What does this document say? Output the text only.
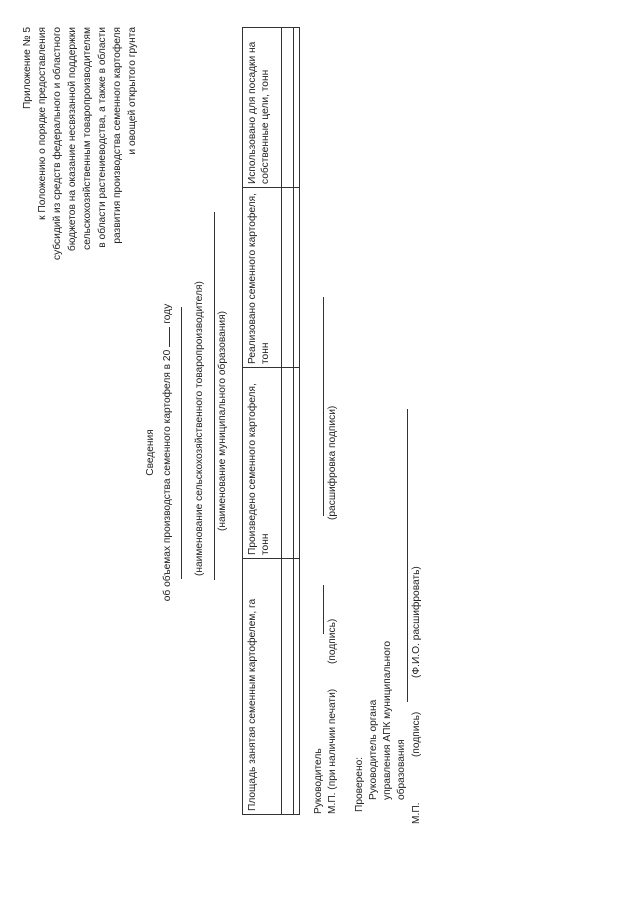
Приложение № 5 к Положению о порядке предоставления субсидий из средств федерального и областного бюджетов на оказание несвязанной поддержки сельскохозяйственным товаропроизводителям в области растениеводства, а также в области развития производства семенного картофеля и овощей открытого грунта
Сведения об объемах производства семенного картофеля в 20году (наименование сельскохозяйственного товаропроизводителя) (наименование муниципального образования)
Площадь занятая семенным картофелем, га	Произведено семенного картофеля, тонн	Реализовано семенного картофеля, тонн	Использовано для посадки на собственные цели, тонн

Руководитель М.П. (при наличии печати)
(подпись)
(расшифровка подписи)
Проверено: Руководитель органа управления АПК муниципального образования
М.П.
(подпись)
(Ф.И.О. расшифровать)
